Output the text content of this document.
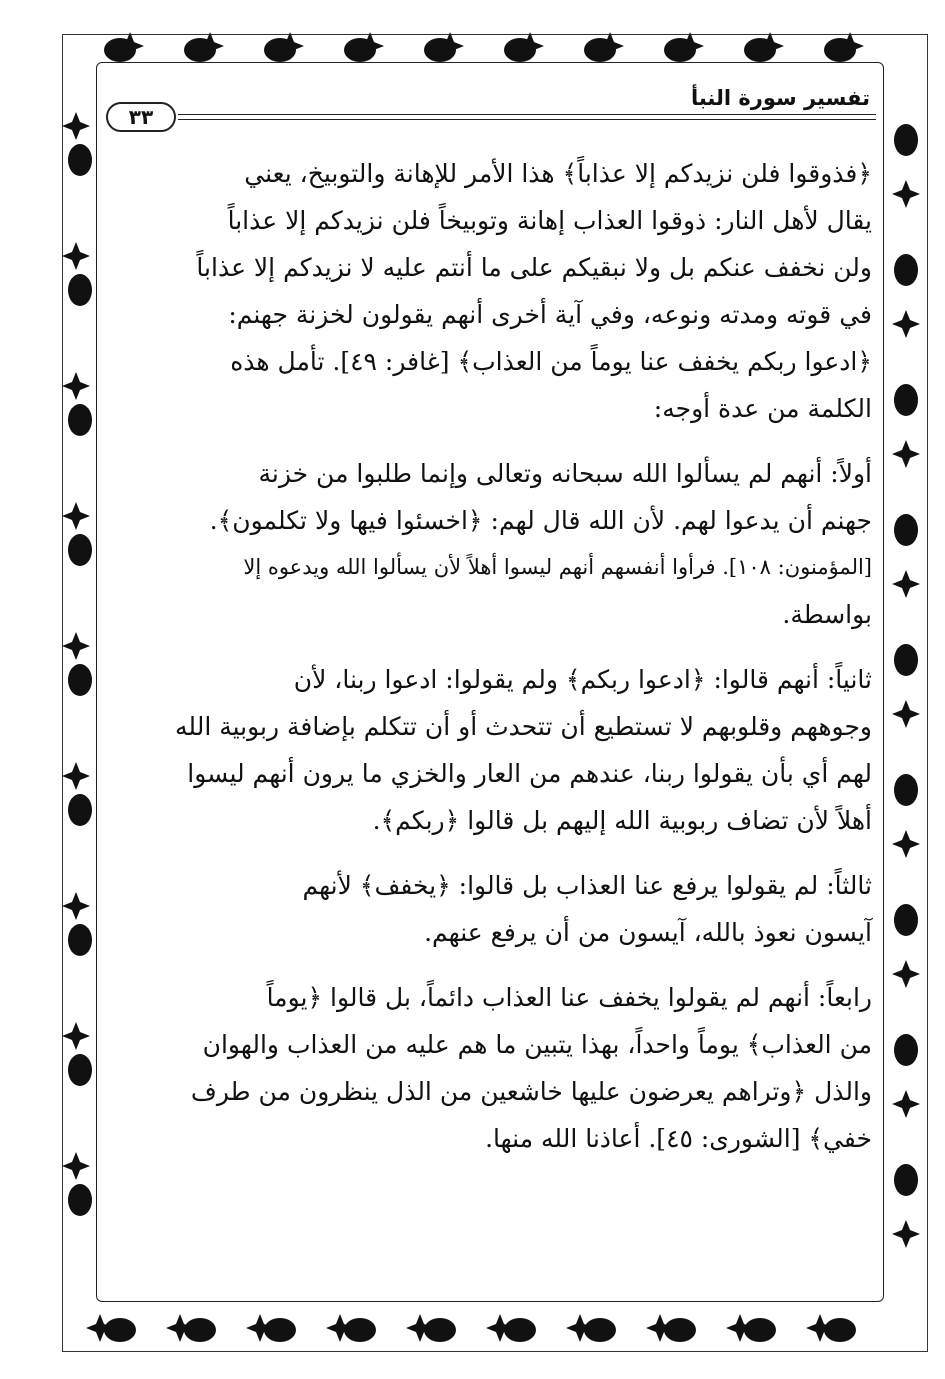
تفسير سورة النبأ
٣٣
﴿فذوقوا فلن نزيدكم إلا عذاباً﴾ هذا الأمر للإهانة والتوبيخ، يعني
يقال لأهل النار: ذوقوا العذاب إهانة وتوبيخاً فلن نزيدكم إلا عذاباً
ولن نخفف عنكم بل ولا نبقيكم على ما أنتم عليه لا نزيدكم إلا عذاباً
في قوته ومدته ونوعه، وفي آية أخرى أنهم يقولون لخزنة جهنم:
﴿ادعوا ربكم يخفف عنا يوماً من العذاب﴾ [غافر: ٤٩]. تأمل هذه
الكلمة من عدة أوجه:
أولاً: أنهم لم يسألوا الله سبحانه وتعالى وإنما طلبوا من خزنة
جهنم أن يدعوا لهم. لأن الله قال لهم: ﴿اخسئوا فيها ولا تكلمون﴾.
[المؤمنون: ١٠٨]. فرأوا أنفسهم أنهم ليسوا أهلاً لأن يسألوا الله ويدعوه إلا
بواسطة.
ثانياً: أنهم قالوا: ﴿ادعوا ربكم﴾ ولم يقولوا: ادعوا ربنا، لأن
وجوههم وقلوبهم لا تستطيع أن تتحدث أو أن تتكلم بإضافة ربوبية الله
لهم أي بأن يقولوا ربنا، عندهم من العار والخزي ما يرون أنهم ليسوا
أهلاً لأن تضاف ربوبية الله إليهم بل قالوا ﴿ربكم﴾.
ثالثاً: لم يقولوا يرفع عنا العذاب بل قالوا: ﴿يخفف﴾ لأنهم
آيسون نعوذ بالله، آيسون من أن يرفع عنهم.
رابعاً: أنهم لم يقولوا يخفف عنا العذاب دائماً، بل قالوا ﴿يوماً
من العذاب﴾ يوماً واحداً، بهذا يتبين ما هم عليه من العذاب والهوان
والذل ﴿وتراهم يعرضون عليها خاشعين من الذل ينظرون من طرف
خفي﴾ [الشورى: ٤٥]. أعاذنا الله منها.
